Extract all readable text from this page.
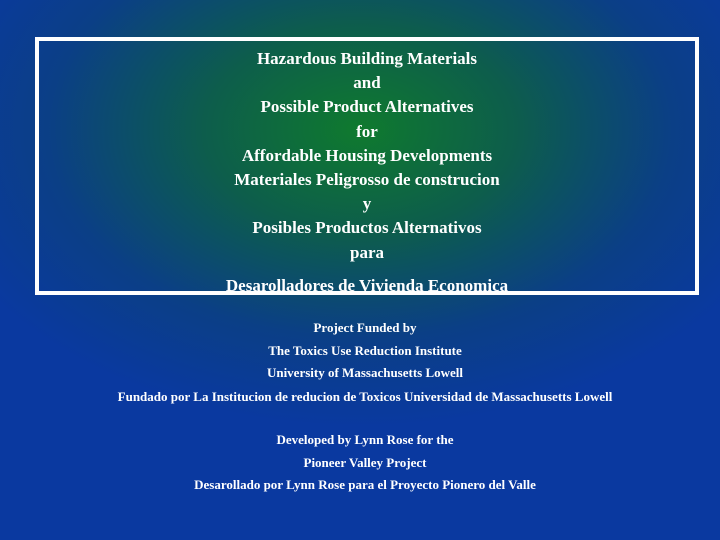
Hazardous Building Materials
and
Possible Product Alternatives
for
Affordable Housing Developments
Materiales Peligrosso de construcion
y
Posibles Productos Alternativos
para
Desarolladores de Vivienda Economica
Project Funded by
The Toxics Use Reduction Institute
University of Massachusetts Lowell
Fundado por La Institucion de reducion de Toxicos Universidad de Massachusetts Lowell
Developed by Lynn Rose for the
Pioneer Valley Project
Desarollado por Lynn Rose para el Proyecto Pionero del Valle
